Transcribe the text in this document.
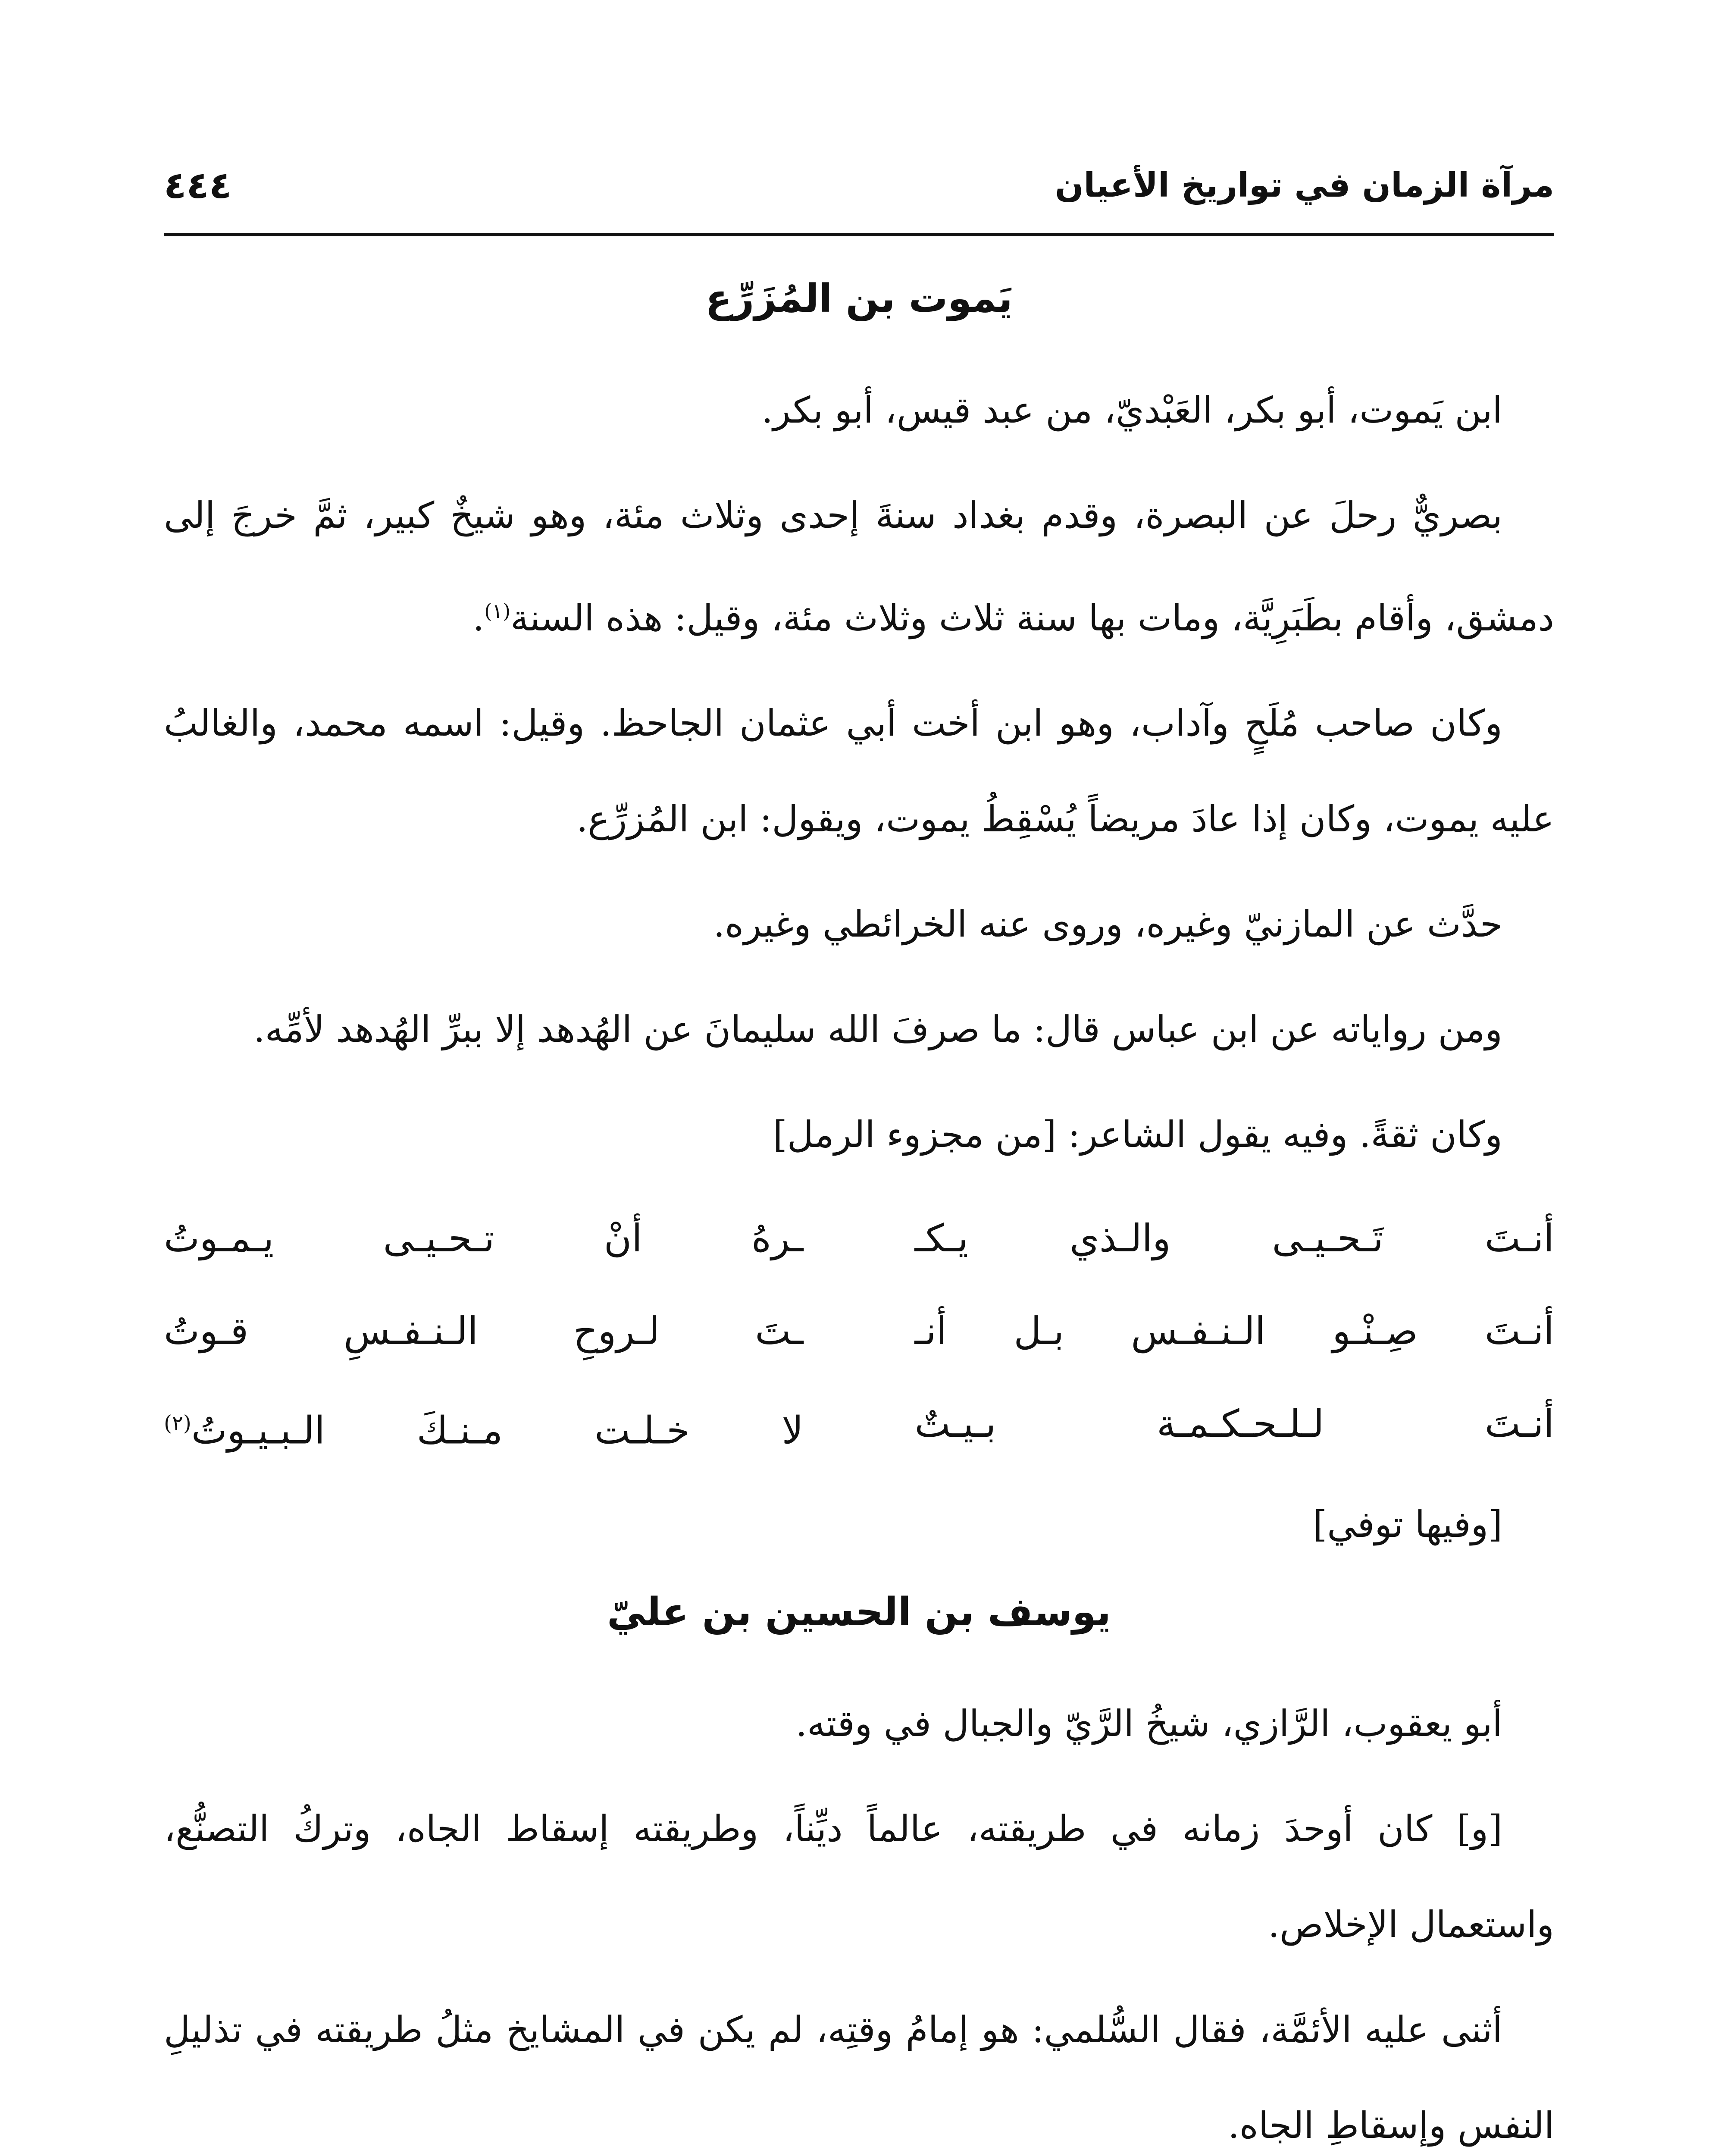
مرآة الزمان في تواريخ الأعيان
٤٤٤
يَموت بن المُزَرِّع

ابن يَموت، أبو بكر، العَبْديّ، من عبد قيس، أبو بكر.

بصريٌّ رحلَ عن البصرة، وقدم بغداد سنةَ إحدى وثلاث مئة، وهو شيخٌ كبير، ثمَّ خرجَ إلى دمشق، وأقام بطَبَرِيَّة، ومات بها سنة ثلاث وثلاث مئة، وقيل: هذه السنة$^{(١)}$.

وكان صاحب مُلَحٍ وآداب، وهو ابن أخت أبي عثمان الجاحظ. وقيل: اسمه محمد، والغالبُ عليه يموت، وكان إذا عادَ مريضاً يُسْقِطُ يموت، ويقول: ابن المُزرِّع.

حدَّث عن المازنيّ وغيره، وروى عنه الخرائطي وغيره.

ومن رواياته عن ابن عباس قال: ما صرفَ الله سليمانَ عن الهُدهد إلا ببرِّ الهُدهد لأمِّه.

وكان ثقةً. وفيه يقول الشاعر: [من مجزوء الرمل]

أنـتَ تَـحـيـى والـذي يـكـ
ـرهُ أنْ تـحـيـى يـمـوتُ
أنـتَ صِـنْـو الـنـفـس بـل أنـ
ـتَ لـروحِ الـنـفـسِ قـوتُ
أنـتَ لـلـحـكـمـة بـيـتٌ
لا خـلـت مـنـكَ الـبـيـوتُ$^{(٢)}$
[وفيها توفي]
يوسف بن الحسين بن عليّ

أبو يعقوب، الرَّازي، شيخُ الرَّيّ والجبال في وقته.

[و] كان أوحدَ زمانه في طريقته، عالماً ديِّناً، وطريقته إسقاط الجاه، وتركُ التصنُّع، واستعمال الإخلاص.

أثنى عليه الأئمَّة، فقال السُّلمي: هو إمامُ وقتِه، لم يكن في المشايخ مثلُ طريقته في تذليلِ النفس وإسقاطِ الجاه.
